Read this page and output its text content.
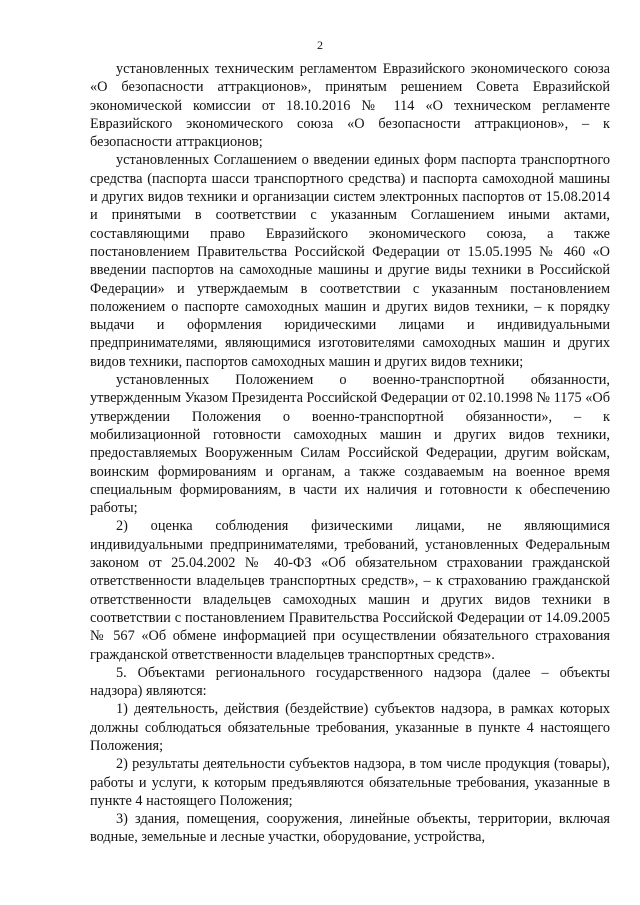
2

установленных техническим регламентом Евразийского экономического союза «О безопасности аттракционов», принятым решением Совета Евразийской экономической комиссии от 18.10.2016 № 114 «О техническом регламенте Евразийского экономического союза «О безопасности аттракционов», – к безопасности аттракционов;

установленных Соглашением о введении единых форм паспорта транспортного средства (паспорта шасси транспортного средства) и паспорта самоходной машины и других видов техники и организации систем электронных паспортов от 15.08.2014 и принятыми в соответствии с указанным Соглашением иными актами, составляющими право Евразийского экономического союза, а также постановлением Правительства Российской Федерации от 15.05.1995 № 460 «О введении паспортов на самоходные машины и другие виды техники в Российской Федерации» и утверждаемым в соответствии с указанным постановлением положением о паспорте самоходных машин и других видов техники, – к порядку выдачи и оформления юридическими лицами и индивидуальными предпринимателями, являющимися изготовителями самоходных машин и других видов техники, паспортов самоходных машин и других видов техники;

установленных Положением о военно-транспортной обязанности, утвержденным Указом Президента Российской Федерации от 02.10.1998 № 1175 «Об утверждении Положения о военно-транспортной обязанности», – к мобилизационной готовности самоходных машин и других видов техники, предоставляемых Вооруженным Силам Российской Федерации, другим войскам, воинским формированиям и органам, а также создаваемым на военное время специальным формированиям, в части их наличия и готовности к обеспечению работы;

2) оценка соблюдения физическими лицами, не являющимися индивидуальными предпринимателями, требований, установленных Федеральным законом от 25.04.2002 № 40-ФЗ «Об обязательном страховании гражданской ответственности владельцев транспортных средств», – к страхованию гражданской ответственности владельцев самоходных машин и других видов техники в соответствии с постановлением Правительства Российской Федерации от 14.09.2005 № 567 «Об обмене информацией при осуществлении обязательного страхования гражданской ответственности владельцев транспортных средств».

5. Объектами регионального государственного надзора (далее – объекты надзора) являются:

1) деятельность, действия (бездействие) субъектов надзора, в рамках которых должны соблюдаться обязательные требования, указанные в пункте 4 настоящего Положения;

2) результаты деятельности субъектов надзора, в том числе продукция (товары), работы и услуги, к которым предъявляются обязательные требования, указанные в пункте 4 настоящего Положения;

3) здания, помещения, сооружения, линейные объекты, территории, включая водные, земельные и лесные участки, оборудование, устройства,
